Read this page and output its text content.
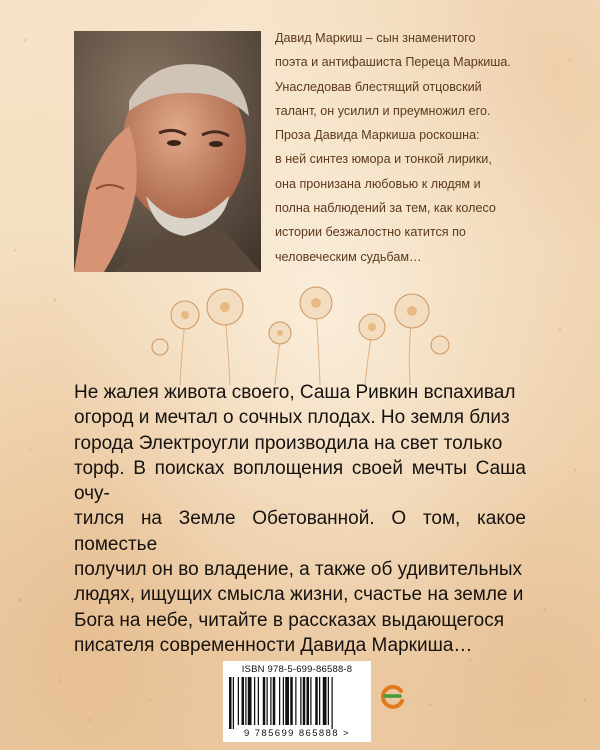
Давид Маркиш – сын знаменитого
поэта и антифашиста Переца Маркиша.
Унаследовав блестящий отцовский
талант, он усилил и преумножил его.
Проза Давида Маркиша роскошна:
в ней синтез юмора и тонкой лирики,
она пронизана любовью к людям и
полна наблюдений за тем, как колесо
истории безжалостно катится по
человеческим судьбам…
Не жалея живота своего, Саша Ривкин вспахивал
огород и мечтал о сочных плодах. Но земля близ
города Электроугли производила на свет только
торф. В поисках воплощения своей мечты Саша очу-
тился на Земле Обетованной. О том, какое поместье
получил он во владение, а также об удивительных
людях, ищущих смысла жизни, счастье на земле и
Бога на небе, читайте в рассказах выдающегося
писателя современности Давида Маркиша…
ISBN 978-5-699-86588-8
9 785699 865888 >
